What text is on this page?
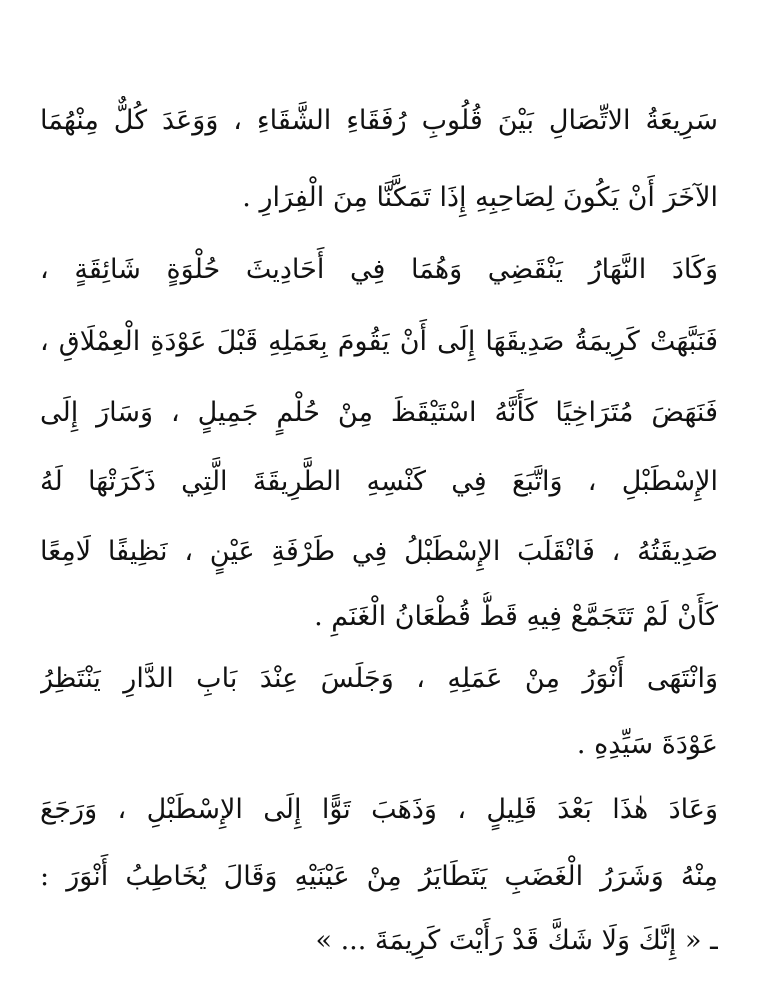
سَرِيعَةُ الاتِّصَالِ بَيْنَ قُلُوبِ رُفَقَاءِ الشَّقَاءِ ، وَوَعَدَ كُلٌّ مِنْهُمَا
الآخَرَ أَنْ يَكُونَ لِصَاحِبِهِ إِذَا تَمَكَّنَّا مِنَ الْفِرَارِ .
وَكَادَ النَّهَارُ يَنْقَضِي وَهُمَا فِي أَحَادِيثَ حُلْوَةٍ شَائِقَةٍ ،
فَنَبَّهَتْ كَرِيمَةُ صَدِيقَهَا إِلَى أَنْ يَقُومَ بِعَمَلِهِ قَبْلَ عَوْدَةِ الْعِمْلَاقِ ،
فَنَهَضَ مُتَرَاخِيًا كَأَنَّهُ اسْتَيْقَظَ مِنْ حُلْمٍ جَمِيلٍ ، وَسَارَ إِلَى
الإِسْطَبْلِ ، وَاتَّبَعَ فِي كَنْسِهِ الطَّرِيقَةَ الَّتِي ذَكَرَتْهَا لَهُ
صَدِيقَتُهُ ، فَانْقَلَبَ الإِسْطَبْلُ فِي طَرْفَةِ عَيْنٍ ، نَظِيفًا لَامِعًا
كَأَنْ لَمْ تَتَجَمَّعْ فِيهِ قَطُّ قُطْعَانُ الْغَنَمِ .
وَانْتَهَى أَنْوَرُ مِنْ عَمَلِهِ ، وَجَلَسَ عِنْدَ بَابِ الدَّارِ يَنْتَظِرُ
عَوْدَةَ سَيِّدِهِ .
وَعَادَ هٰذَا بَعْدَ قَلِيلٍ ، وَذَهَبَ تَوًّا إِلَى الإِسْطَبْلِ ، وَرَجَعَ
مِنْهُ وَشَرَرُ الْغَضَبِ يَتَطَايَرُ مِنْ عَيْنَيْهِ وَقَالَ يُخَاطِبُ أَنْوَرَ :
ـ « إِنَّكَ وَلَا شَكَّ قَدْ رَأَيْتَ كَرِيمَةَ ... »
